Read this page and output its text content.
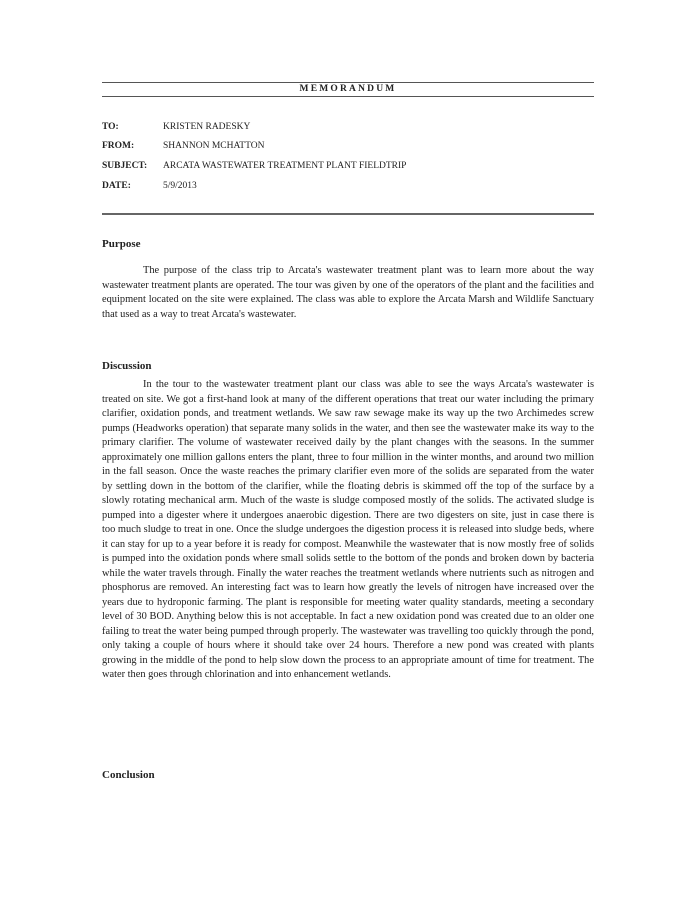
MEMORANDUM
TO:	KRISTEN RADESKY
FROM:	SHANNON MCHATTON
SUBJECT: ARCATA WASTEWATER TREATMENT PLANT FIELDTRIP
DATE:	5/9/2013
Purpose

The purpose of the class trip to Arcata's wastewater treatment plant was to learn more about the way wastewater treatment plants are operated. The tour was given by one of the operators of the plant and the facilities and equipment located on the site were explained. The class was able to explore the Arcata Marsh and Wildlife Sanctuary that used as a way to treat Arcata's wastewater.

Discussion

In the tour to the wastewater treatment plant our class was able to see the ways Arcata's wastewater is treated on site. We got a first-hand look at many of the different operations that treat our water including the primary clarifier, oxidation ponds, and treatment wetlands. We saw raw sewage make its way up the two Archimedes screw pumps (Headworks operation) that separate many solids in the water, and then see the wastewater make its way to the primary clarifier. The volume of wastewater received daily by the plant changes with the seasons. In the summer approximately one million gallons enters the plant, three to four million in the winter months, and around two million in the fall season. Once the waste reaches the primary clarifier even more of the solids are separated from the water by settling down in the bottom of the clarifier, while the floating debris is skimmed off the top of the surface by a slowly rotating mechanical arm. Much of the waste is sludge composed mostly of the solids. The activated sludge is pumped into a digester where it undergoes anaerobic digestion. There are two digesters on site, just in case there is too much sludge to treat in one. Once the sludge undergoes the digestion process it is released into sludge beds, where it can stay for up to a year before it is ready for compost. Meanwhile the wastewater that is now mostly free of solids is pumped into the oxidation ponds where small solids settle to the bottom of the ponds and broken down by bacteria while the water travels through. Finally the water reaches the treatment wetlands where nutrients such as nitrogen and phosphorus are removed. An interesting fact was to learn how greatly the levels of nitrogen have increased over the years due to hydroponic farming. The plant is responsible for meeting water quality standards, meeting a secondary level of 30 BOD. Anything below this is not acceptable. In fact a new oxidation pond was created due to an older one failing to treat the water being pumped through properly. The wastewater was travelling too quickly through the pond, only taking a couple of hours where it should take over 24 hours. Therefore a new pond was created with plants growing in the middle of the pond to help slow down the process to an appropriate amount of time for treatment. The water then goes through chlorination and into enhancement wetlands.

Conclusion
